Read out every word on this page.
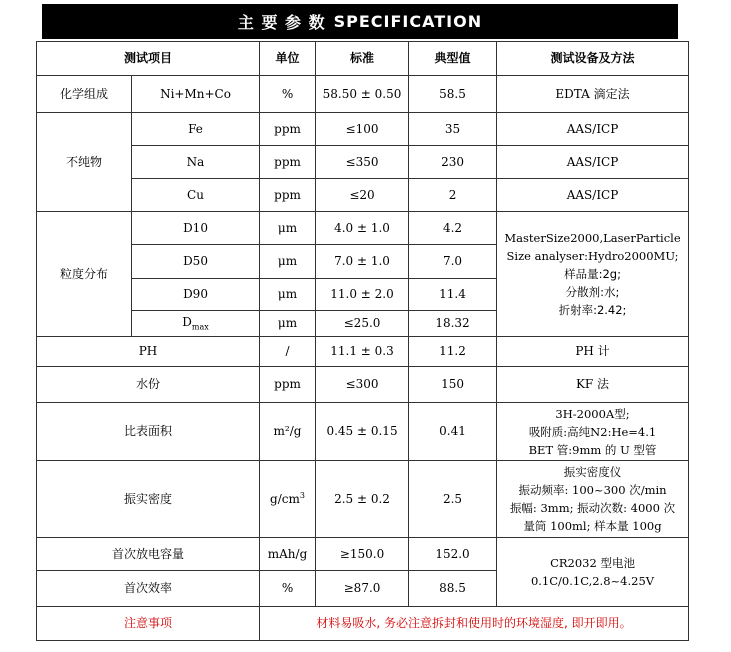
主 要 参 数 SPECIFICATION
测试项目		单位	标准	典型值	测试设备及方法
化学组成	Ni+Mn+Co	%	58.50 ± 0.50	58.5	EDTA 滴定法
不纯物	Fe	ppm	≤100	35	AAS/ICP
	Na	ppm	≤350	230	AAS/ICP
	Cu	ppm	≤20	2	AAS/ICP
粒度分布	D10	μm	4.0 ± 1.0	4.2	MasterSize2000,LaserParticle
Size analyser:Hydro2000MU;
样品量:2g;
分散剂:水;
折射率:2.42;

	D50	μm	7.0 ± 1.0	7.0	
	D90	μm	11.0 ± 2.0	11.4	
	$D_{max}$	μm	≤25.0	18.32	
PH		/	11.1 ± 0.3	11.2	PH 计
水份		ppm	≤300	150	KF 法
比表面积		m²/g	0.45 ± 0.15	0.41	3H-2000A型;
吸附质:高纯N2:He=4.1
BET 管:9mm 的 U 型管

振实密度		$g/cm^3$	2.5 ± 0.2	2.5	振实密度仪
振动频率: 100~300 次/min
振幅: 3mm; 振动次数: 4000 次
量筒 100ml; 样本量 100g

首次放电容量		mAh/g	≥150.0	152.0	CR2032 型电池
0.1C/0.1C,2.8~4.25V

首次效率		%	≥87.0	88.5	
注意事项		材料易吸水, 务必注意拆封和使用时的环境湿度, 即开即用。			
